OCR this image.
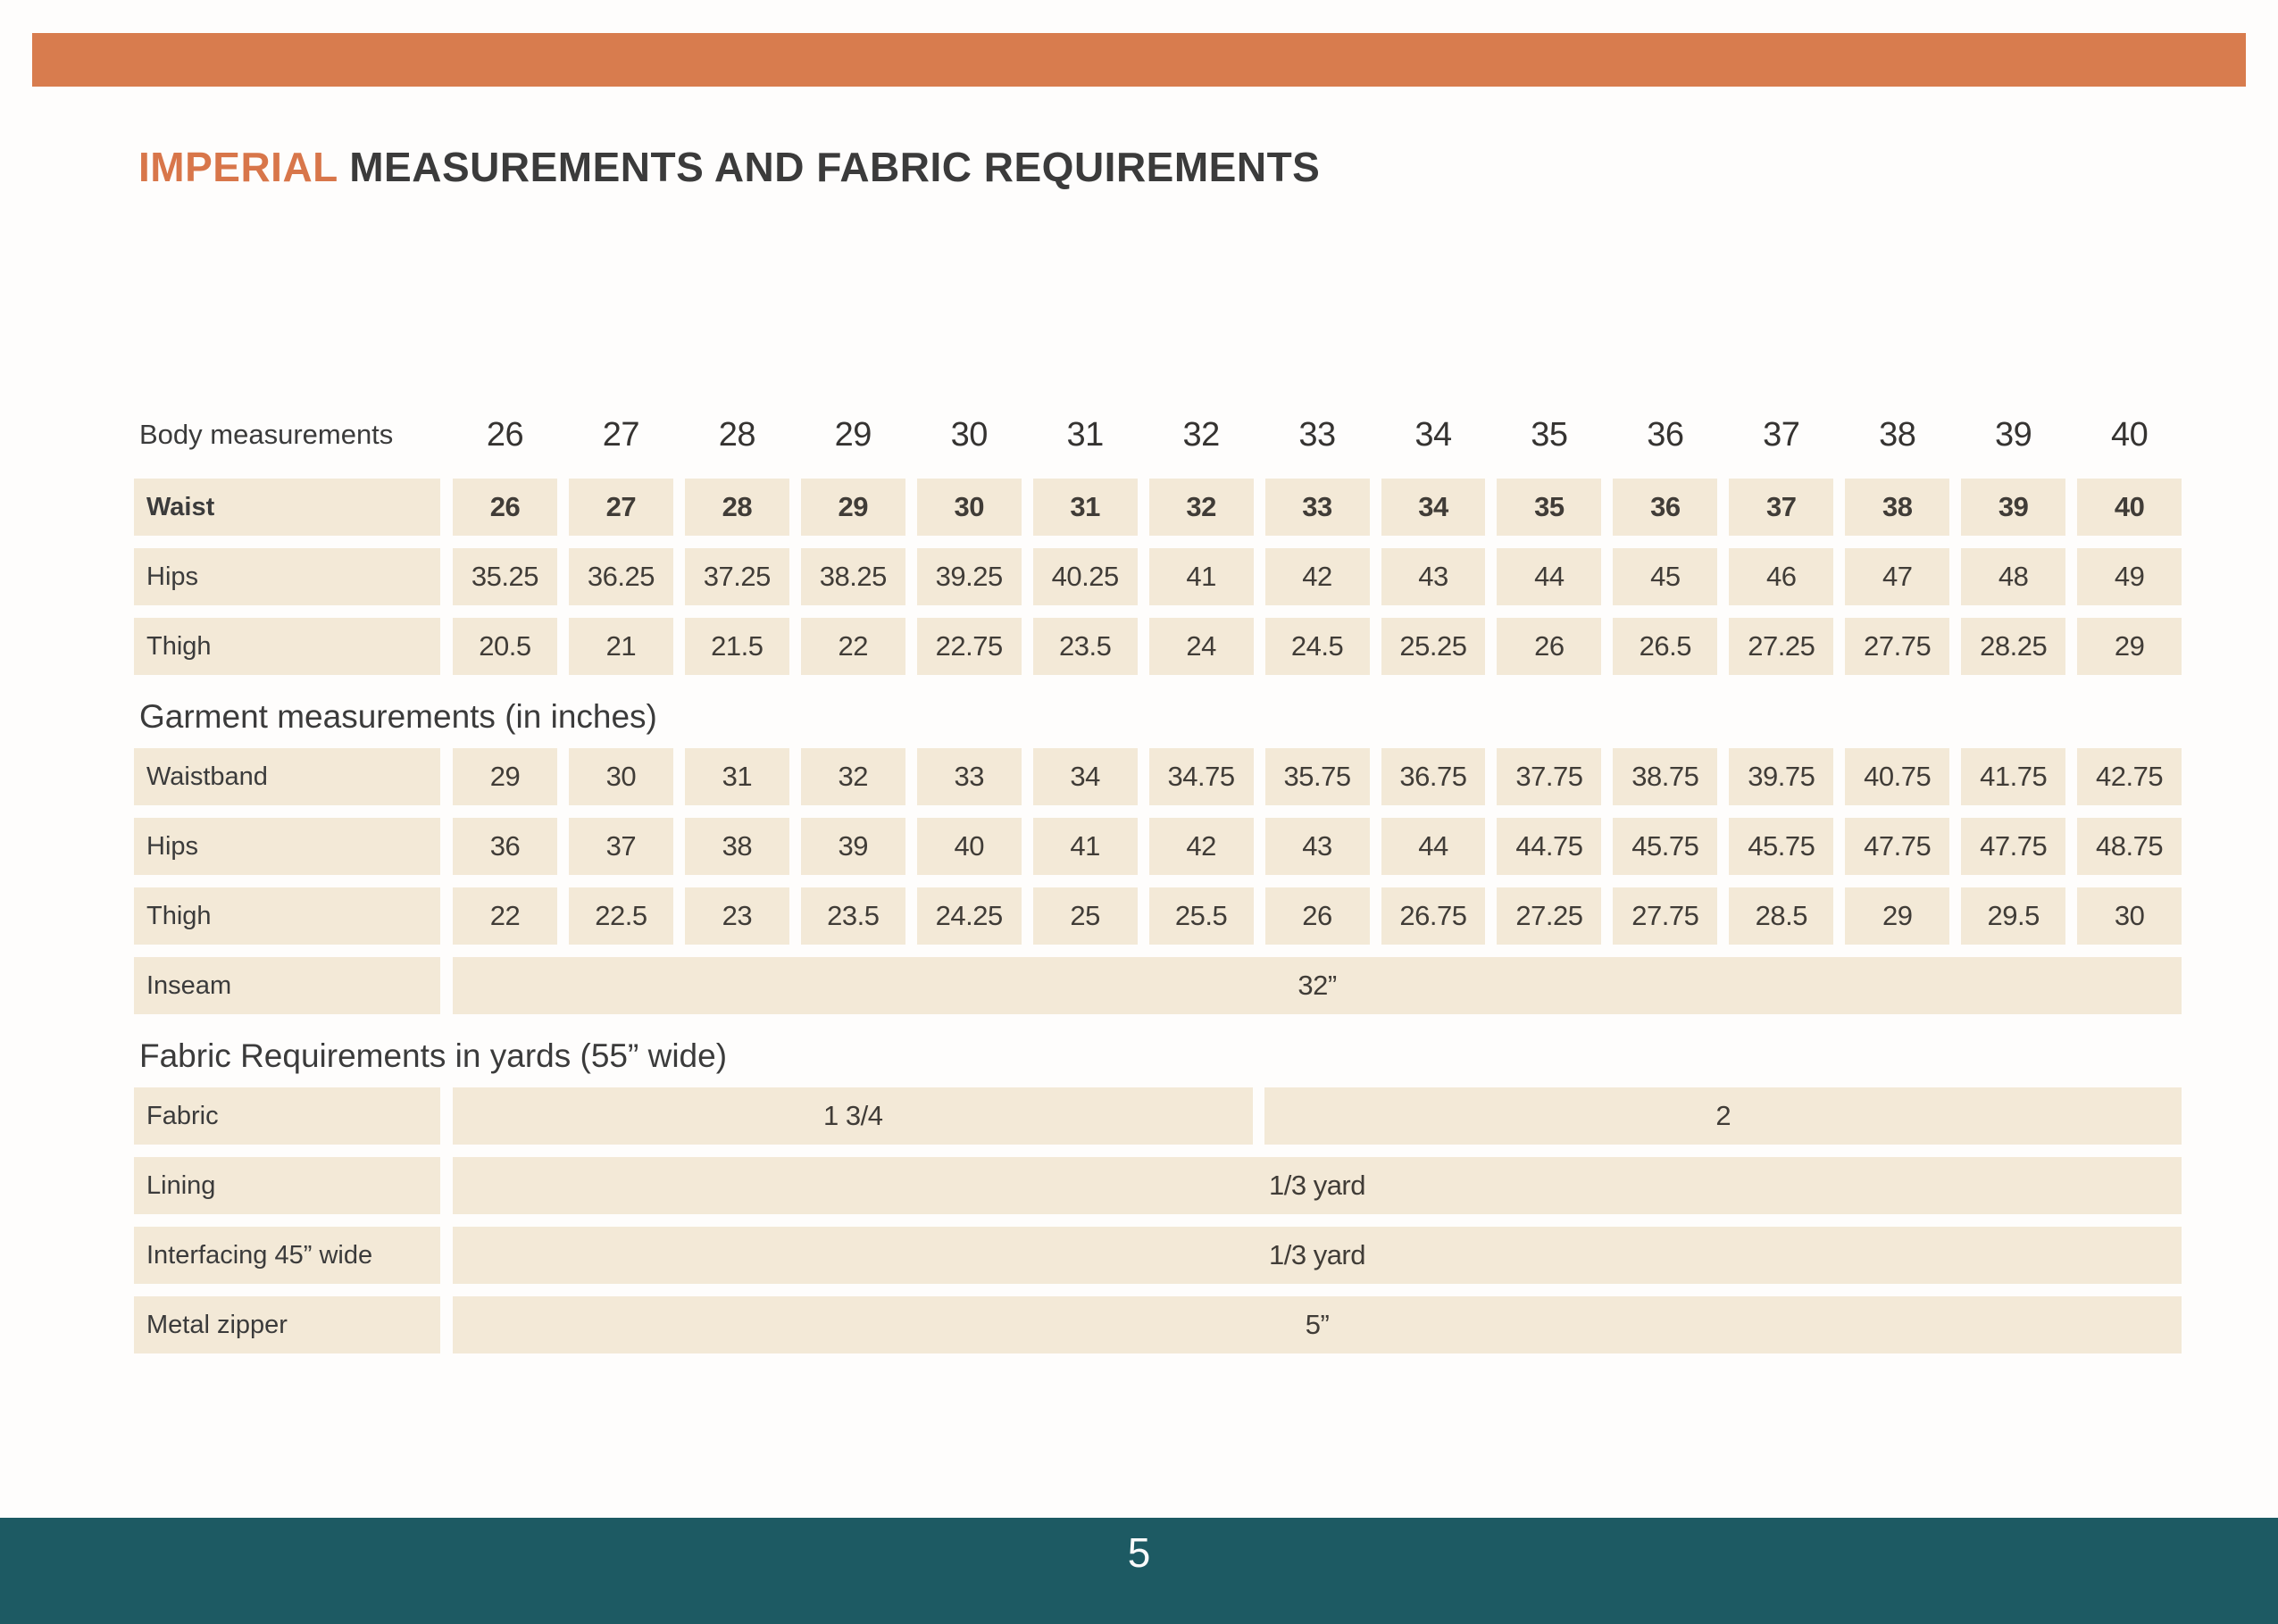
IMPERIAL MEASUREMENTS AND FABRIC REQUIREMENTS
Body measurements	26	27	28	29	30	31	32	33	34	35	36	37	38	39	40
Waist	26	27	28	29	30	31	32	33	34	35	36	37	38	39	40
Hips	35.25	36.25	37.25	38.25	39.25	40.25	41	42	43	44	45	46	47	48	49
Thigh	20.5	21	21.5	22	22.75	23.5	24	24.5	25.25	26	26.5	27.25	27.75	28.25	29
Garment measurements (in inches)
Waistband	29	30	31	32	33	34	34.75	35.75	36.75	37.75	38.75	39.75	40.75	41.75	42.75
Hips	36	37	38	39	40	41	42	43	44	44.75	45.75	45.75	47.75	47.75	48.75
Thigh	22	22.5	23	23.5	24.25	25	25.5	26	26.75	27.25	27.75	28.5	29	29.5	30
Inseam	32”
Fabric Requirements in yards (55” wide)
Fabric	1 3/4	2
Lining	1/3 yard
Interfacing 45” wide	1/3 yard
Metal zipper	5”
5
